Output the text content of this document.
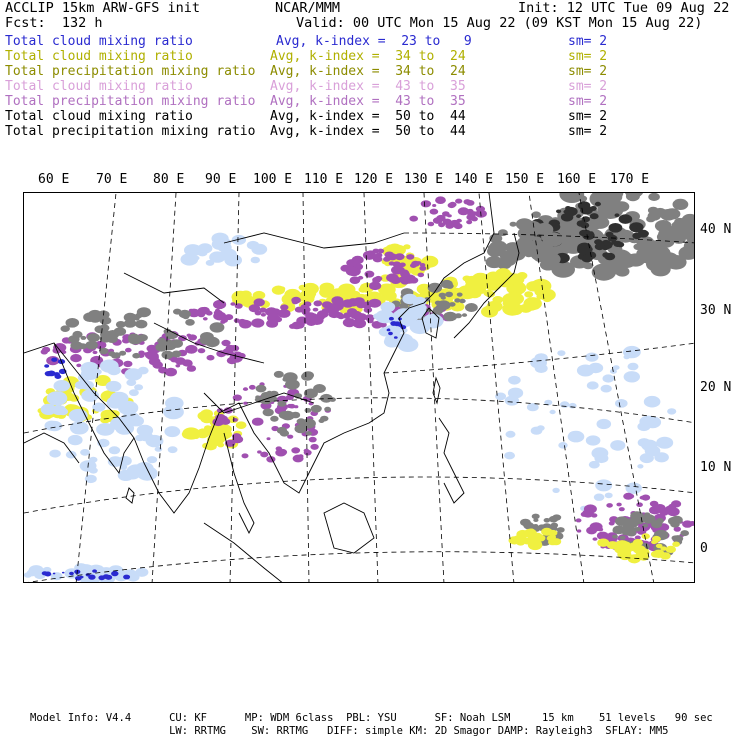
ACCLIP 15km ARW-GFS init	NCAR/MMM	Init: 12 UTC Tue 09 Aug 22
Fcst:  132 h	Valid: 00 UTC Mon 15 Aug 22 (09 KST Mon 15 Aug 22)
Total cloud mixing ratio	Avg, k-index =  23 to   9	sm= 2
Total cloud mixing ratio	Avg, k-index =  34 to  24	sm= 2
Total precipitation mixing ratio Avg, k-index =  34 to  24	sm= 2
Total cloud mixing ratio	Avg, k-index =  43 to  35	sm= 2
Total precipitation mixing ratio Avg, k-index =  43 to  35	sm= 2
Total cloud mixing ratio	Avg, k-index =  50 to  44	sm= 2
Total precipitation mixing ratio Avg, k-index =  50 to  44	sm= 2
60 E 70 E 80 E 90 E 100 E 110 E 120 E 130 E 140 E 150 E 160 E 170 E
40 N
30 N
20 N
10 N
0
Model Info: V4.4      CU: KF      MP: WDM 6class  PBL: YSU      SF: Noah LSM     15 km    51 levels   90 sec
LW: RRTMG    SW: RRTMG   DIFF: simple KM: 2D Smagor DAMP: Rayleigh3  SFLAY: MM5
